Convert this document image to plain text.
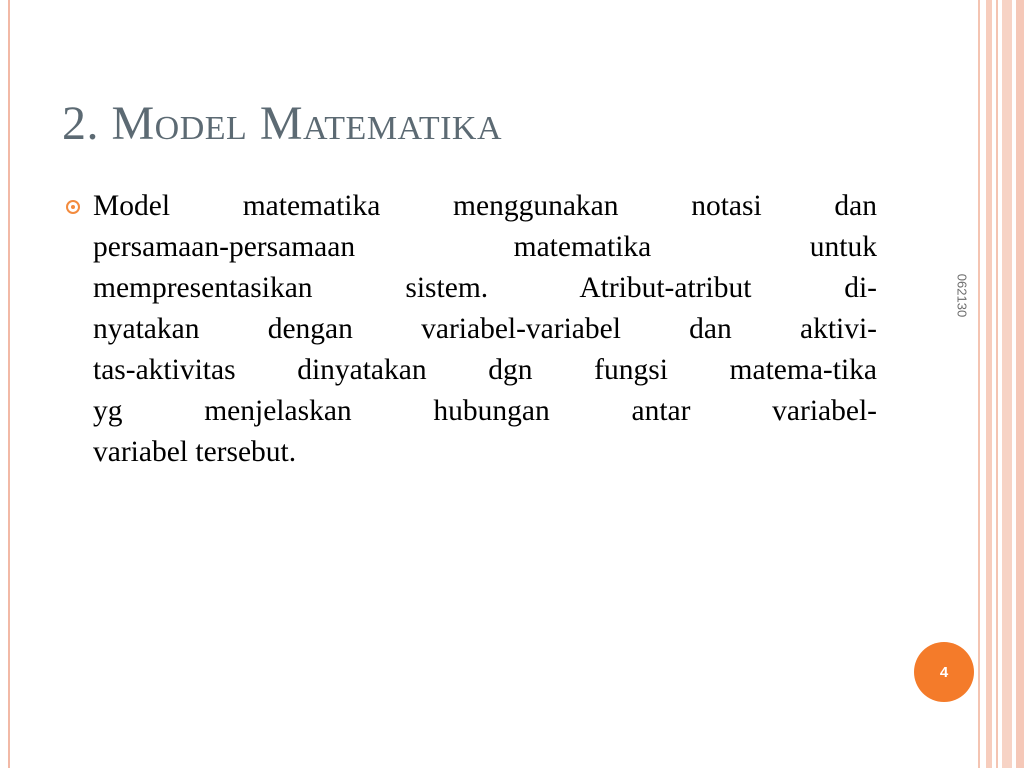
2. Model Matematika

Model matematika menggunakan notasi dan
persamaan-persamaan matematika untuk
mempresentasikan sistem. Atribut-atribut di-
nyatakan dengan variabel-variabel dan aktivi-
tas-aktivitas dinyatakan dgn fungsi matema-tika
yg menjelaskan hubungan antar variabel-
variabel tersebut.

062130
4
